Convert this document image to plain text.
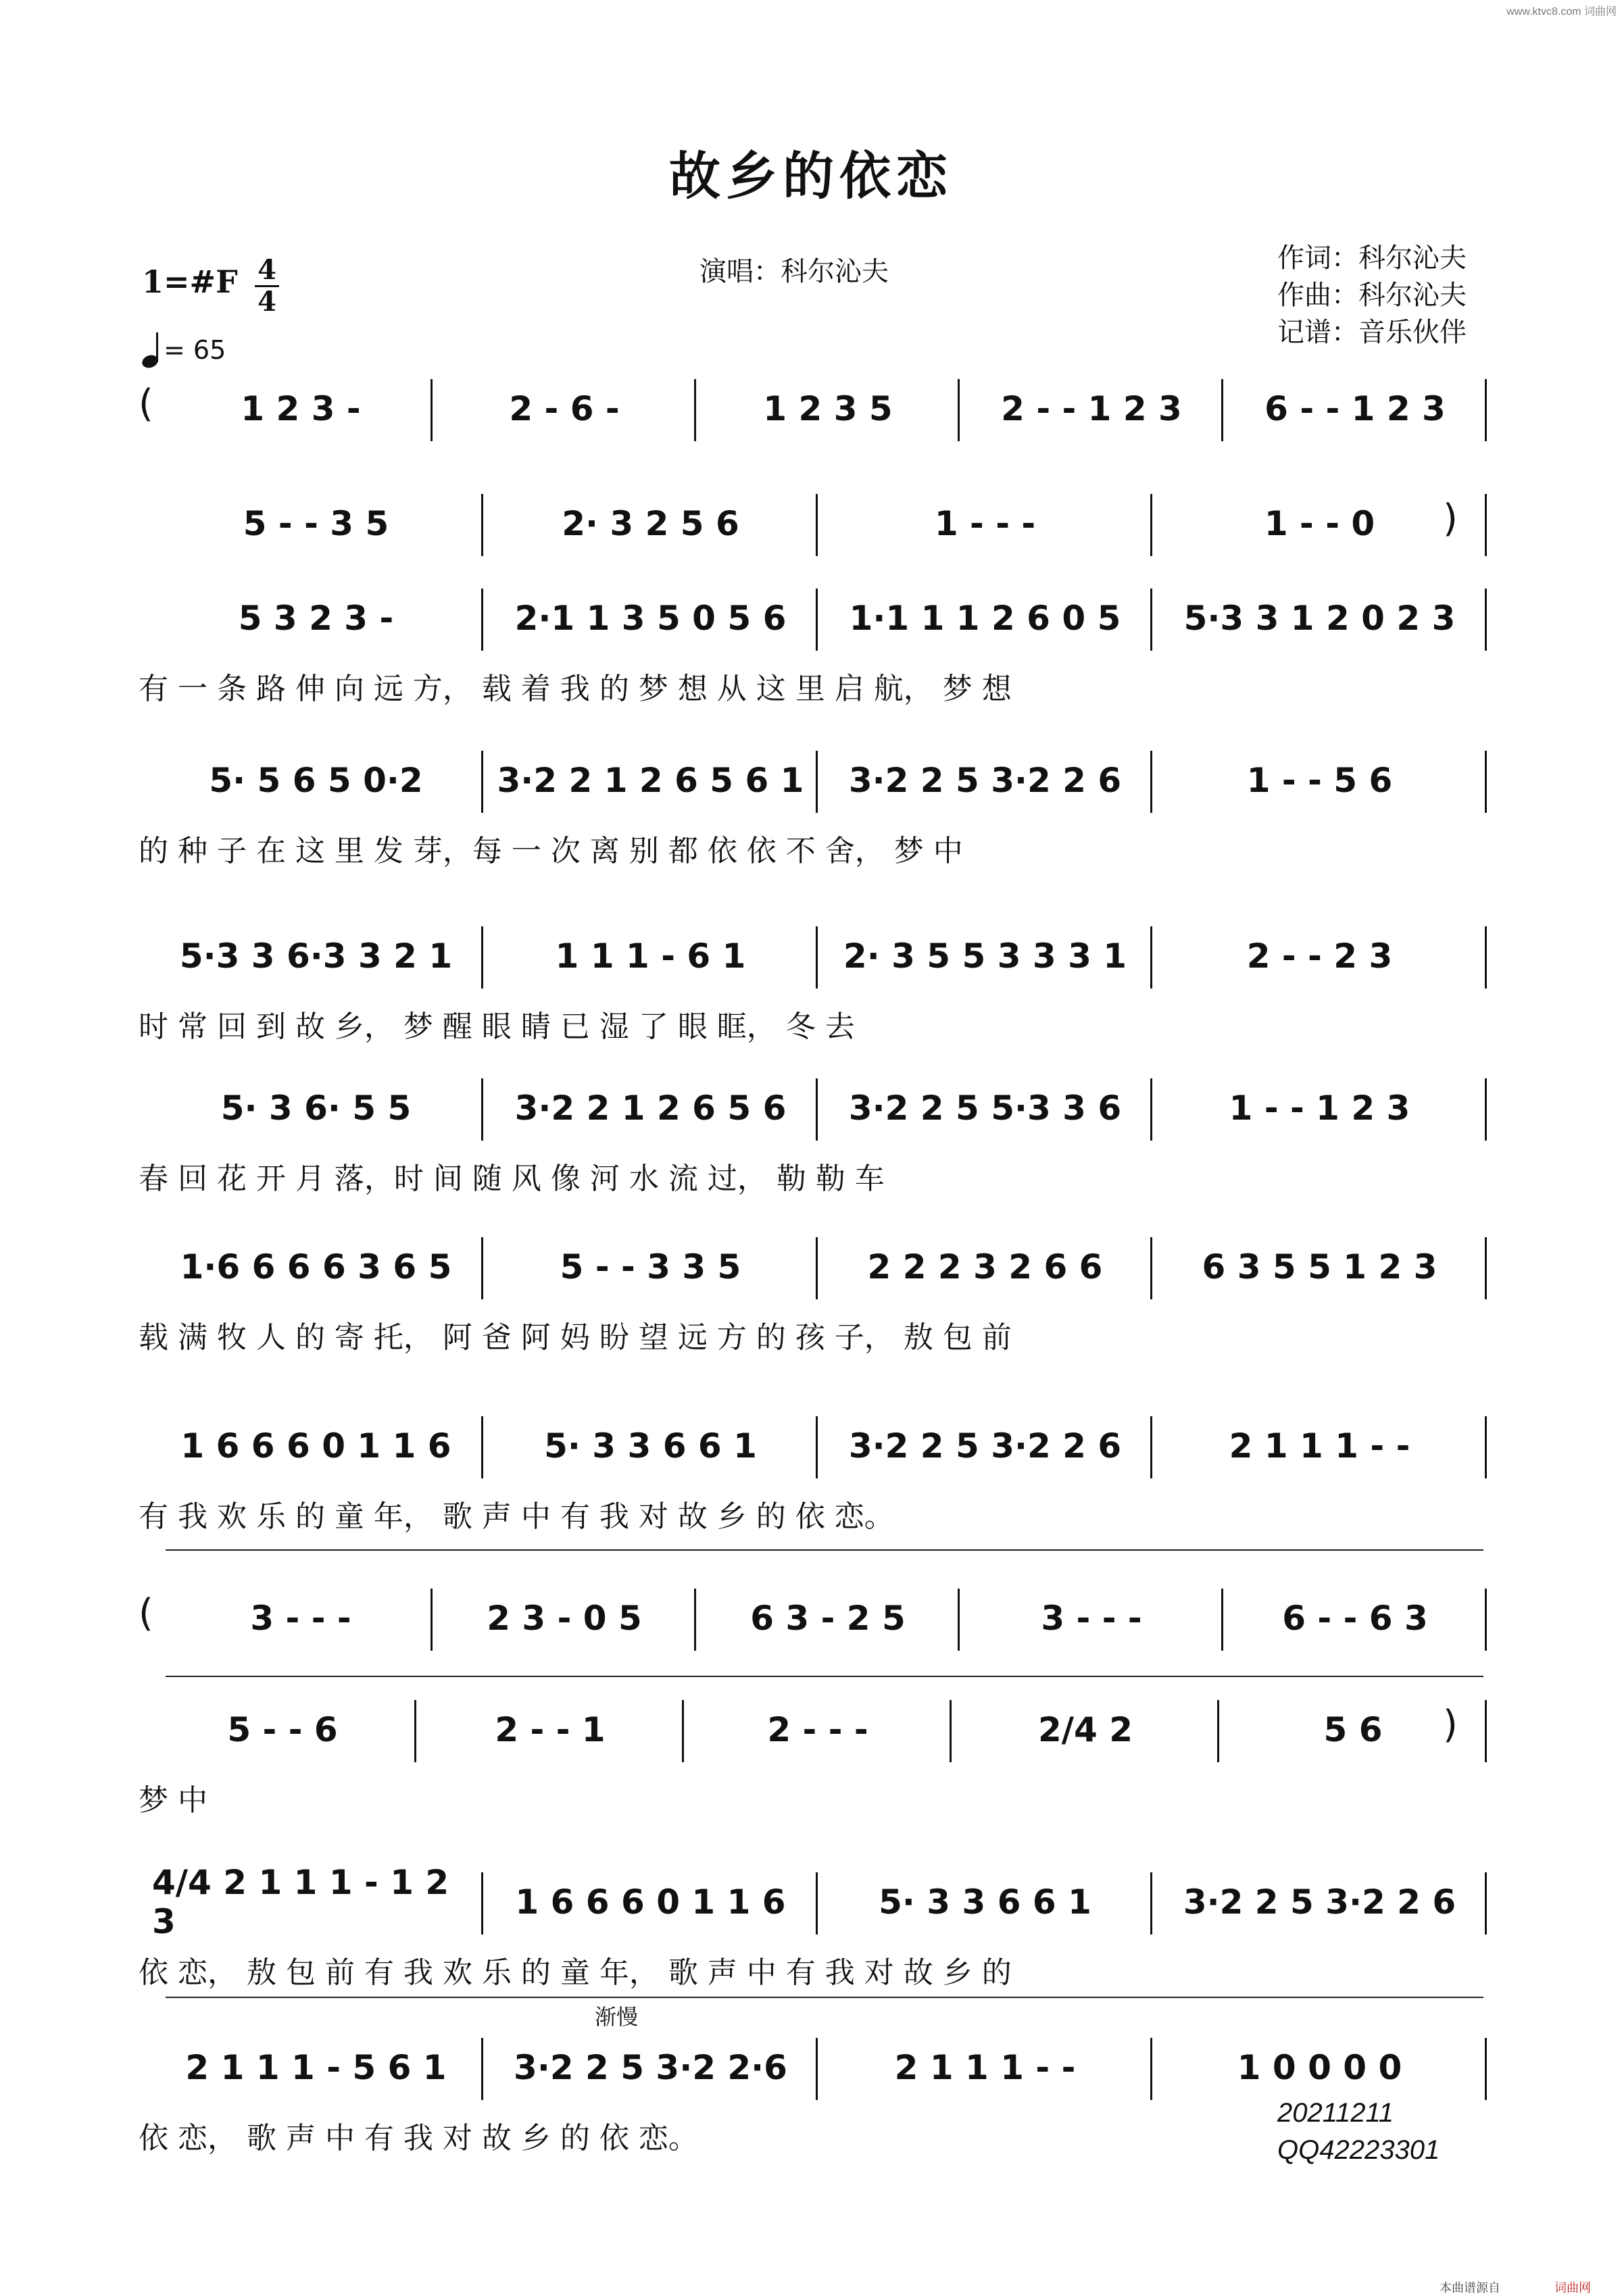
www.ktvc8.com 词曲网
故乡的依恋
演唱：科尔沁夫	作词：科尔沁夫
作曲：科尔沁夫
记谱：音乐伙伴
1=#F 4
4
= 65
(	1 2 3 -	2 - 6 -	1 2 3 5	2 - - 1 2 3	6 - - 1 2 3
5 - - 3 5	2· 3 2 5 6	1 - - -	1 - - 0	)
5 3 2 3 -	2·1 1 3 5 0 5 6	1·1 1 1 2 6 0 5	5·3 3 1 2 0 2 3
有 一 条 路 伸 向 远 方， 载 着 我 的 梦 想 从 这 里 启 航， 梦 想
5· 5 6 5 0·2	3·2 2 1 2 6 5 6 1	3·2 2 5 3·2 2 6	1 - - 5 6
的 种 子 在 这 里 发 芽，每 一 次 离 别 都 依 依 不 舍， 梦 中
5·3 3 6·3 3 2 1	1 1 1 - 6 1	2· 3 5 5 3 3 3 1	2 - - 2 3
时 常 回 到 故 乡， 梦 醒 眼 睛 已 湿 了 眼 眶， 冬 去
5· 3 6· 5 5	3·2 2 1 2 6 5 6	3·2 2 5 5·3 3 6	1 - - 1 2 3
春 回 花 开 月 落，时 间 随 风 像 河 水 流 过， 勒 勒 车
1·6 6 6 6 3 6 5	5 - - 3 3 5	2 2 2 3 2 6 6	6 3 5 5 1 2 3
载 满 牧 人 的 寄 托， 阿 爸 阿 妈 盼 望 远 方 的 孩 子， 敖 包 前
1 6 6 6 0 1 1 6	5· 3 3 6 6 1	3·2 2 5 3·2 2 6	2 1 1 1 - -
有 我 欢 乐 的 童 年， 歌 声 中 有 我 对 故 乡 的 依 恋。
(	3 - - -	2 3 - 0 5	6 3 - 2 5	3 - - -	6 - - 6 3
5 - - 6	2 - - 1	2 - - -	2/4 2	5 6	)
梦 中
4/4 2 1 1 1 - 1 2 3	1 6 6 6 0 1 1 6	5· 3 3 6 6 1	3·2 2 5 3·2 2 6
依 恋， 敖 包 前 有 我 欢 乐 的 童 年， 歌 声 中 有 我 对 故 乡 的
2 1 1 1 - 5 6 1	3·2 2 5 3·2 2·6	2 1 1 1 - -	1 0 0 0 0
依 恋， 歌 声 中 有 我 对 故 乡 的 依 恋。
渐慢
20211211
QQ42223301
本曲谱源自	词曲网
